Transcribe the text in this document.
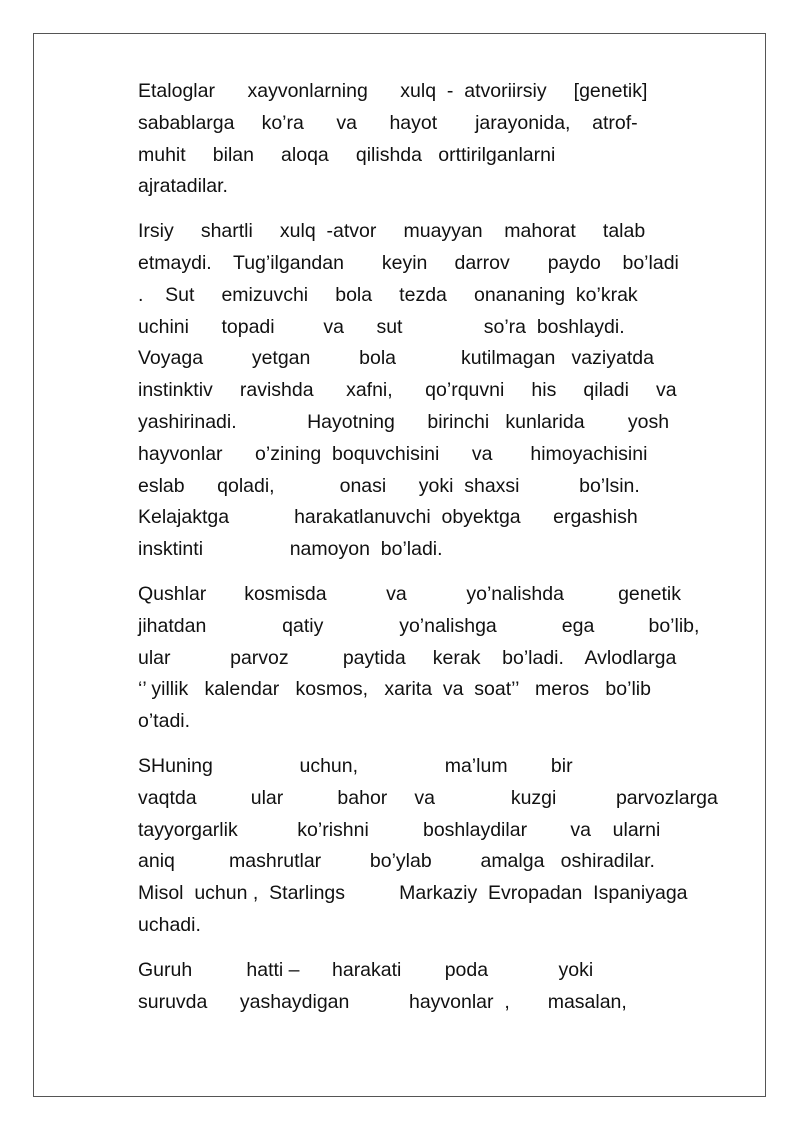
Etaloglar      xayvonlarning      xulq  -  atvoriirsiy     [genetik]
sabablarga     ko’ra      va      hayot       jarayonida,    atrof-
muhit     bilan     aloqa     qilishda   orttirilganlarni
ajratadilar.
Irsiy     shartli     xulq  -atvor     muayyan    mahorat     talab
etmaydi.    Tug’ilgandan       keyin     darrov       paydo    bo’ladi
.    Sut     emizuvchi     bola     tezda     onananing  ko’krak
uchini      topadi         va      sut               so’ra  boshlaydi.
Voyaga         yetgan         bola            kutilmagan   vaziyatda
instinktiv     ravishda      xafni,      qo’rquvni     his     qiladi     va
yashirinadi.             Hayotning      birinchi   kunlarida        yosh
hayvonlar      o’zining  boquvchisini      va       himoyachisini
eslab      qoladi,            onasi      yoki  shaxsi           bo’lsin.
Kelajaktga            harakatlanuvchi  obyektga      ergashish
insktinti                namoyon  bo’ladi.
Qushlar       kosmisda           va           yo’nalishda          genetik
jihatdan              qatiy              yo’nalishga            ega          bo’lib,
ular           parvoz          paytida     kerak    bo’ladi.    Avlodlarga
‘’ yillik   kalendar   kosmos,   xarita  va  soat’’   meros   bo’lib
o’tadi.
SHuning                uchun,                ma’lum        bir
vaqtda          ular          bahor     va              kuzgi           parvozlarga
tayyorgarlik           ko’rishni          boshlaydilar        va    ularni
aniq          mashrutlar         bo’ylab         amalga   oshiradilar.
Misol  uchun ,  Starlings          Markaziy  Evropadan  Ispaniyaga
uchadi.
Guruh          hatti –      harakati        poda             yoki
suruvda      yashaydigan           hayvonlar  ,       masalan,
